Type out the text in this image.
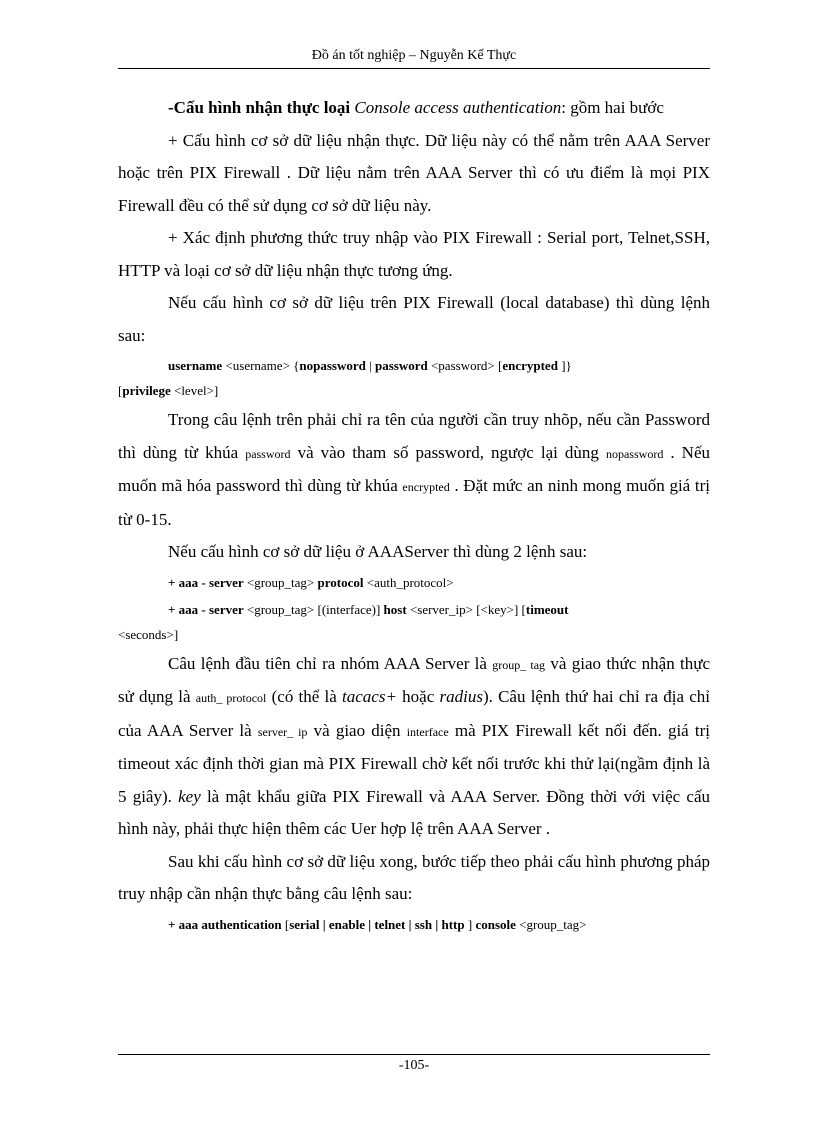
Đồ án tốt nghiệp – Nguyễn Kế Thực

-Cấu hình nhận thực loại Console access authentication: gồm hai bước

+ Cấu hình cơ sở dữ liệu nhận thực. Dữ liệu này có thể nằm trên AAA Server hoặc trên PIX Firewall . Dữ liệu nằm trên AAA Server thì có ưu điểm là mọi PIX Firewall đều có thể sử dụng cơ sở dữ liệu này.

+ Xác định phương thức truy nhập vào PIX Firewall : Serial port, Telnet,SSH, HTTP và loại cơ sở dữ liệu nhận thực tương ứng.

Nếu cấu hình cơ sở dữ liệu trên PIX Firewall (local database) thì dùng lệnh sau:

username <username> {nopassword | password <password> [encrypted ]}

[privilege <level>]

Trong câu lệnh trên phải chỉ ra tên của người cần truy nhõp, nếu cần Password thì dùng từ khúa password và vào tham số password, ngược lại dùng nopassword . Nếu muốn mã hóa password thì dùng từ khúa encrypted . Đặt mức an ninh mong muốn giá trị từ 0-15.

Nếu cấu hình cơ sở dữ liệu ở AAAServer thì dùng 2 lệnh sau:

+ aaa - server <group_tag> protocol <auth_protocol>

+ aaa - server <group_tag> [(interface)] host <server_ip> [<key>] [timeout

<seconds>]

Câu lệnh đầu tiên chỉ ra nhóm AAA Server là group_ tag và giao thức nhận thực sử dụng là auth_ protocol (có thể là tacacs+ hoặc radius). Câu lệnh thứ hai chỉ ra địa chỉ của AAA Server là server_ ip và giao diện interface mà PIX Firewall kết nối đến. giá trị timeout xác định thời gian mà PIX Firewall chờ kết nối trước khi thử lại(ngầm định là 5 giây). key là mật khẩu giữa PIX Firewall và AAA Server. Đồng thời với việc cấu hình này, phải thực hiện thêm các Uer hợp lệ trên AAA Server .

Sau khi cấu hình cơ sở dữ liệu xong, bước tiếp theo phải cấu hình phương pháp truy nhập cần nhận thực bằng câu lệnh sau:

+ aaa authentication [serial | enable | telnet | ssh | http ] console <group_tag>

-105-
